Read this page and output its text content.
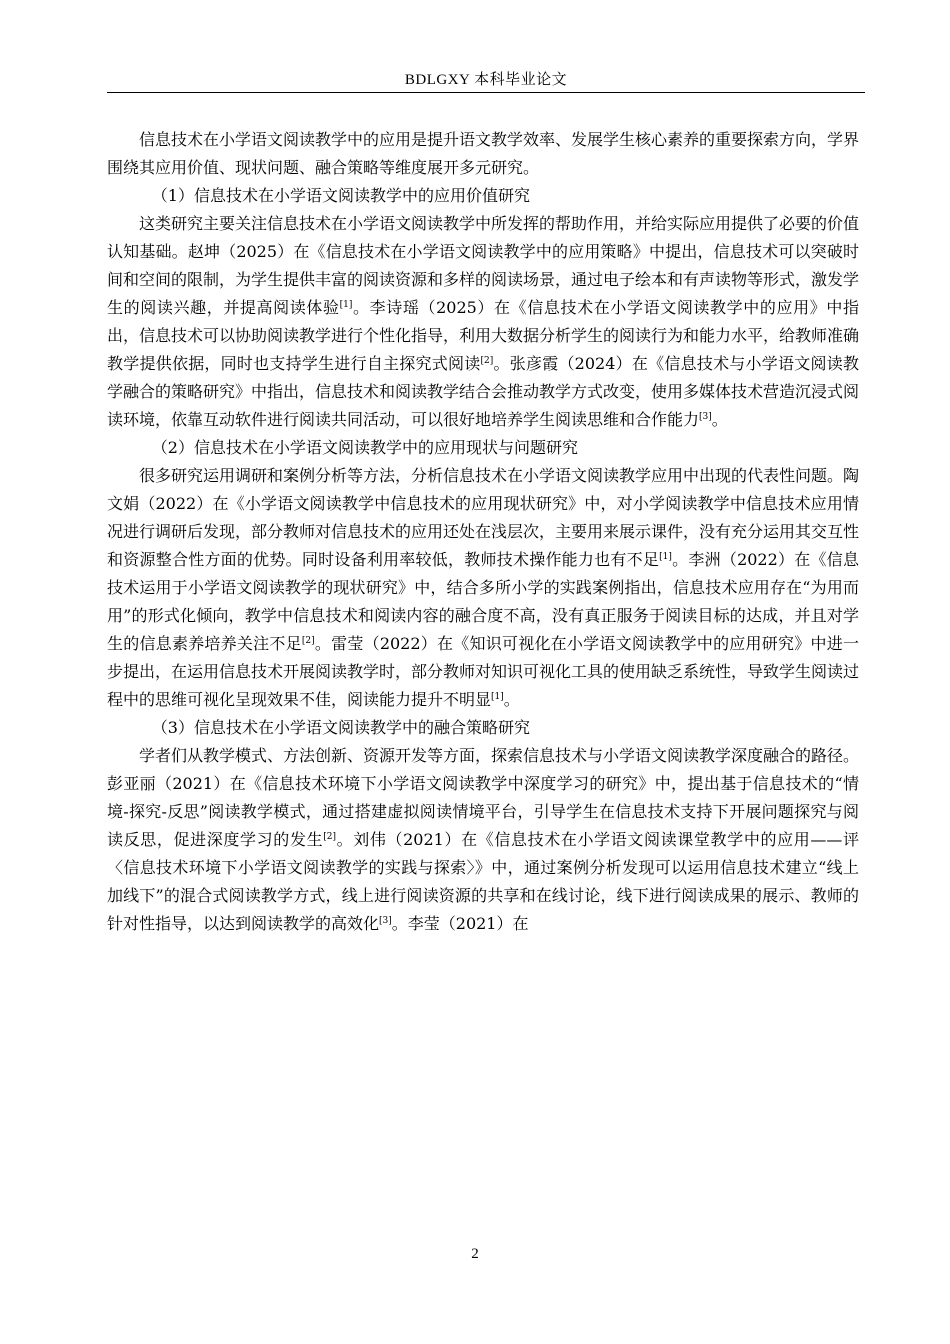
BDLGXY 本科毕业论文

信息技术在小学语文阅读教学中的应用是提升语文教学效率、发展学生核心素养的重要探索方向，学界围绕其应用价值、现状问题、融合策略等维度展开多元研究。

（1）信息技术在小学语文阅读教学中的应用价值研究

这类研究主要关注信息技术在小学语文阅读教学中所发挥的帮助作用，并给实际应用提供了必要的价值认知基础。赵坤（2025）在《信息技术在小学语文阅读教学中的应用策略》中提出，信息技术可以突破时间和空间的限制，为学生提供丰富的阅读资源和多样的阅读场景，通过电子绘本和有声读物等形式，激发学生的阅读兴趣，并提高阅读体验[1]。李诗瑶（2025）在《信息技术在小学语文阅读教学中的应用》中指出，信息技术可以协助阅读教学进行个性化指导，利用大数据分析学生的阅读行为和能力水平，给教师准确教学提供依据，同时也支持学生进行自主探究式阅读[2]。张彦霞（2024）在《信息技术与小学语文阅读教学融合的策略研究》中指出，信息技术和阅读教学结合会推动教学方式改变，使用多媒体技术营造沉浸式阅读环境，依靠互动软件进行阅读共同活动，可以很好地培养学生阅读思维和合作能力[3]。

（2）信息技术在小学语文阅读教学中的应用现状与问题研究

很多研究运用调研和案例分析等方法，分析信息技术在小学语文阅读教学应用中出现的代表性问题。陶文娟（2022）在《小学语文阅读教学中信息技术的应用现状研究》中，对小学阅读教学中信息技术应用情况进行调研后发现，部分教师对信息技术的应用还处在浅层次，主要用来展示课件，没有充分运用其交互性和资源整合性方面的优势。同时设备利用率较低，教师技术操作能力也有不足[1]。李洲（2022）在《信息技术运用于小学语文阅读教学的现状研究》中，结合多所小学的实践案例指出，信息技术应用存在“为用而用”的形式化倾向，教学中信息技术和阅读内容的融合度不高，没有真正服务于阅读目标的达成，并且对学生的信息素养培养关注不足[2]。雷莹（2022）在《知识可视化在小学语文阅读教学中的应用研究》中进一步提出，在运用信息技术开展阅读教学时，部分教师对知识可视化工具的使用缺乏系统性，导致学生阅读过程中的思维可视化呈现效果不佳，阅读能力提升不明显[1]。

（3）信息技术在小学语文阅读教学中的融合策略研究

学者们从教学模式、方法创新、资源开发等方面，探索信息技术与小学语文阅读教学深度融合的路径。彭亚丽（2021）在《信息技术环境下小学语文阅读教学中深度学习的研究》中，提出基于信息技术的“情境-探究-反思”阅读教学模式，通过搭建虚拟阅读情境平台，引导学生在信息技术支持下开展问题探究与阅读反思，促进深度学习的发生[2]。刘伟（2021）在《信息技术在小学语文阅读课堂教学中的应用——评〈信息技术环境下小学语文阅读教学的实践与探索〉》中，通过案例分析发现可以运用信息技术建立“线上加线下”的混合式阅读教学方式，线上进行阅读资源的共享和在线讨论，线下进行阅读成果的展示、教师的针对性指导，以达到阅读教学的高效化[3]。李莹（2021）在

2
